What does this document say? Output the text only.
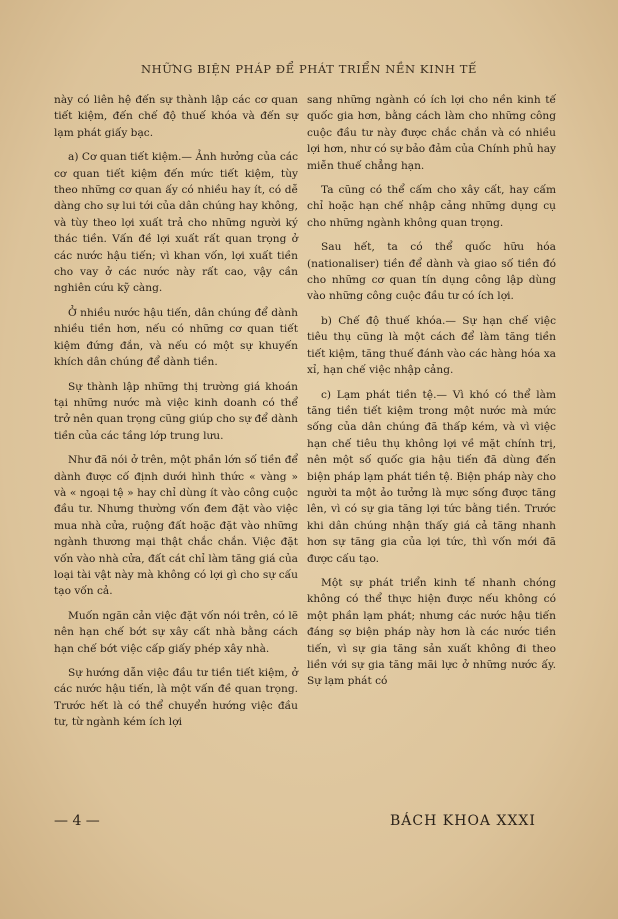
NHỮNG BIỆN PHÁP ĐỂ PHÁT TRIỂN NỀN KINH TẾ

này có liên hệ đến sự thành lập các cơ quan tiết kiệm, đến chế độ thuế khóa và đến sự lạm phát giấy bạc.

a) Cơ quan tiết kiệm.— Ảnh hưởng của các cơ quan tiết kiệm đến mức tiết kiệm, tùy theo những cơ quan ấy có nhiều hay ít, có dễ dàng cho sự lui tới của dân chúng hay không, và tùy theo lợi xuất trả cho những người ký thác tiền. Vấn đề lợi xuất rất quan trọng ở các nước hậu tiến; vì khan vốn, lợi xuất tiền cho vay ở các nước này rất cao, vậy cần nghiên cứu kỹ càng.

Ở nhiều nước hậu tiến, dân chúng để dành nhiều tiền hơn, nếu có những cơ quan tiết kiệm đứng đắn, và nếu có một sự khuyến khích dân chúng để dành tiền.

Sự thành lập những thị trường giá khoán tại những nước mà việc kinh doanh có thể trở nên quan trọng cũng giúp cho sự để dành tiền của các tầng lớp trung lưu.

Như đã nói ở trên, một phần lớn số tiền để dành được cố định dưới hình thức « vàng » và « ngoại tệ » hay chỉ dùng ít vào công cuộc đầu tư. Nhưng thường vốn đem đặt vào việc mua nhà cửa, ruộng đất hoặc đặt vào những ngành thương mại thật chắc chắn. Việc đặt vốn vào nhà cửa, đất cát chỉ làm tăng giá của loại tài vật này mà không có lợi gì cho sự cấu tạo vốn cả.

Muốn ngăn cản việc đặt vốn nói trên, có lẽ nên hạn chế bớt sự xây cất nhà bằng cách hạn chế bớt việc cấp giấy phép xây nhà.

Sự hướng dẫn việc đầu tư tiền tiết kiệm, ở các nước hậu tiến, là một vấn đề quan trọng. Trước hết là có thể chuyển hướng việc đầu tư, từ ngành kém ích lợi

sang những ngành có ích lợi cho nền kinh tế quốc gia hơn, bằng cách làm cho những công cuộc đầu tư này được chắc chắn và có nhiều lợi hơn, như có sự bảo đảm của Chính phủ hay miễn thuế chẳng hạn.

Ta cũng có thể cấm cho xây cất, hay cấm chỉ hoặc hạn chế nhập cảng những dụng cụ cho những ngành không quan trọng.

Sau hết, ta có thể quốc hữu hóa (nationaliser) tiền để dành và giao số tiền đó cho những cơ quan tín dụng công lập dùng vào những công cuộc đầu tư có ích lợi.

b) Chế độ thuế khóa.— Sự hạn chế việc tiêu thụ cũng là một cách để làm tăng tiền tiết kiệm, tăng thuế đánh vào các hàng hóa xa xỉ, hạn chế việc nhập cảng.

c) Lạm phát tiền tệ.— Vì khó có thể làm tăng tiền tiết kiệm trong một nước mà mức sống của dân chúng đã thấp kém, và vì việc hạn chế tiêu thụ không lợi về mặt chính trị, nên một số quốc gia hậu tiến đã dùng đến biện pháp lạm phát tiền tệ. Biện pháp này cho người ta một ảo tưởng là mực sống được tăng lên, vì có sự gia tăng lợi tức bằng tiền. Trước khi dân chúng nhận thấy giá cả tăng nhanh hơn sự tăng gia của lợi tức, thì vốn mới đã được cấu tạo.

Một sự phát triển kinh tế nhanh chóng không có thể thực hiện được nếu không có một phần lạm phát; nhưng các nước hậu tiến đáng sợ biện pháp này hơn là các nước tiền tiến, vì sự gia tăng sản xuất không đi theo liền với sự gia tăng mãi lực ở những nước ấy. Sự lạm phát có

— 4 —	BÁCH KHOA XXXI
